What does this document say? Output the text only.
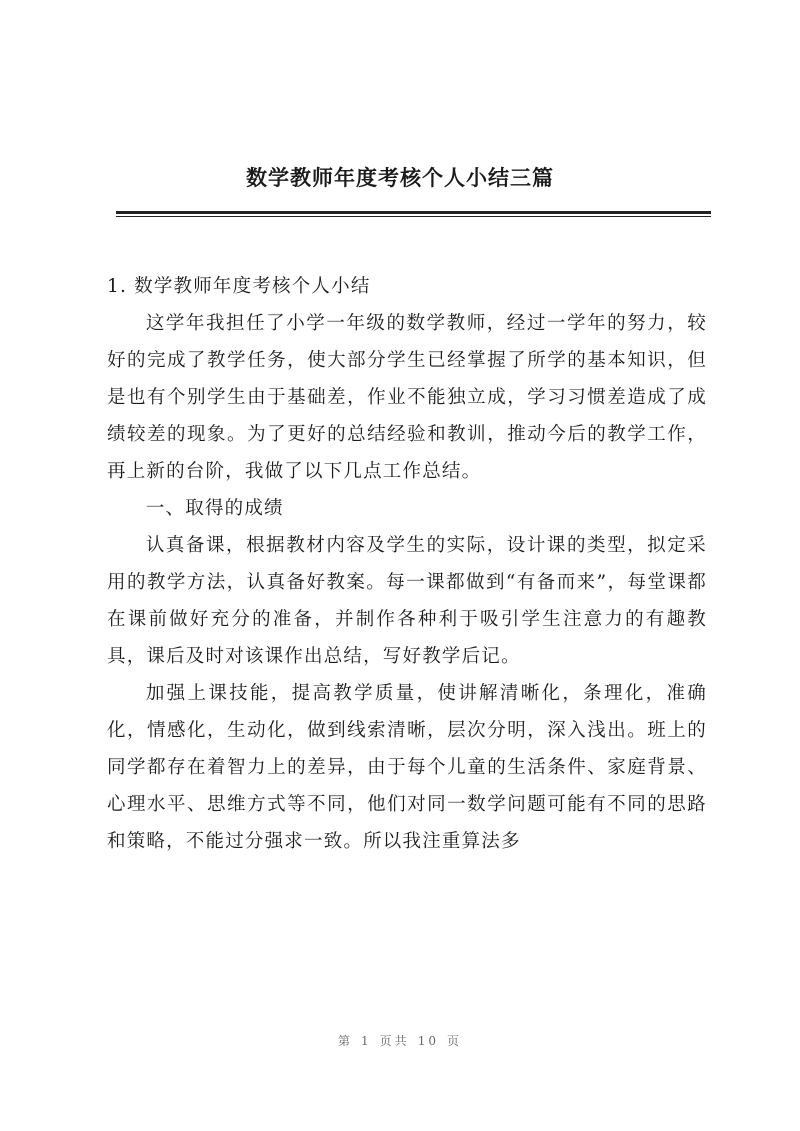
数学教师年度考核个人小结三篇

1. 数学教师年度考核个人小结

这学年我担任了小学一年级的数学教师，经过一学年的努力，较好的完成了教学任务，使大部分学生已经掌握了所学的基本知识，但是也有个别学生由于基础差，作业不能独立成，学习习惯差造成了成绩较差的现象。为了更好的总结经验和教训，推动今后的教学工作，再上新的台阶，我做了以下几点工作总结。

一、取得的成绩

认真备课，根据教材内容及学生的实际，设计课的类型，拟定采用的教学方法，认真备好教案。每一课都做到“有备而来”，每堂课都在课前做好充分的准备，并制作各种利于吸引学生注意力的有趣教具，课后及时对该课作出总结，写好教学后记。

加强上课技能，提高教学质量，使讲解清晰化，条理化，准确化，情感化，生动化，做到线索清晰，层次分明，深入浅出。班上的同学都存在着智力上的差异，由于每个儿童的生活条件、家庭背景、心理水平、思维方式等不同，他们对同一数学问题可能有不同的思路和策略，不能过分强求一致。所以我注重算法多

第 1 页共 10 页
